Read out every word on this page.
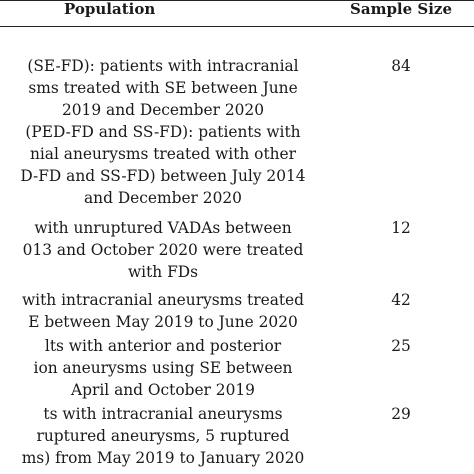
Population	Sample Size
(SE-FD): patients with intracranial
sms treated with SE between June
2019 and December 2020
84
(PED-FD and SS-FD): patients with
nial aneurysms treated with other
D-FD and SS-FD) between July 2014
and December 2020
with unruptured VADAs between
013 and October 2020 were treated
with FDs
12
with intracranial aneurysms treated
E between May 2019 to June 2020
42
lts with anterior and posterior
ion aneurysms using SE between
April and October 2019
25
ts with intracranial aneurysms
ruptured aneurysms, 5 ruptured
ms) from May 2019 to January 2020
29
